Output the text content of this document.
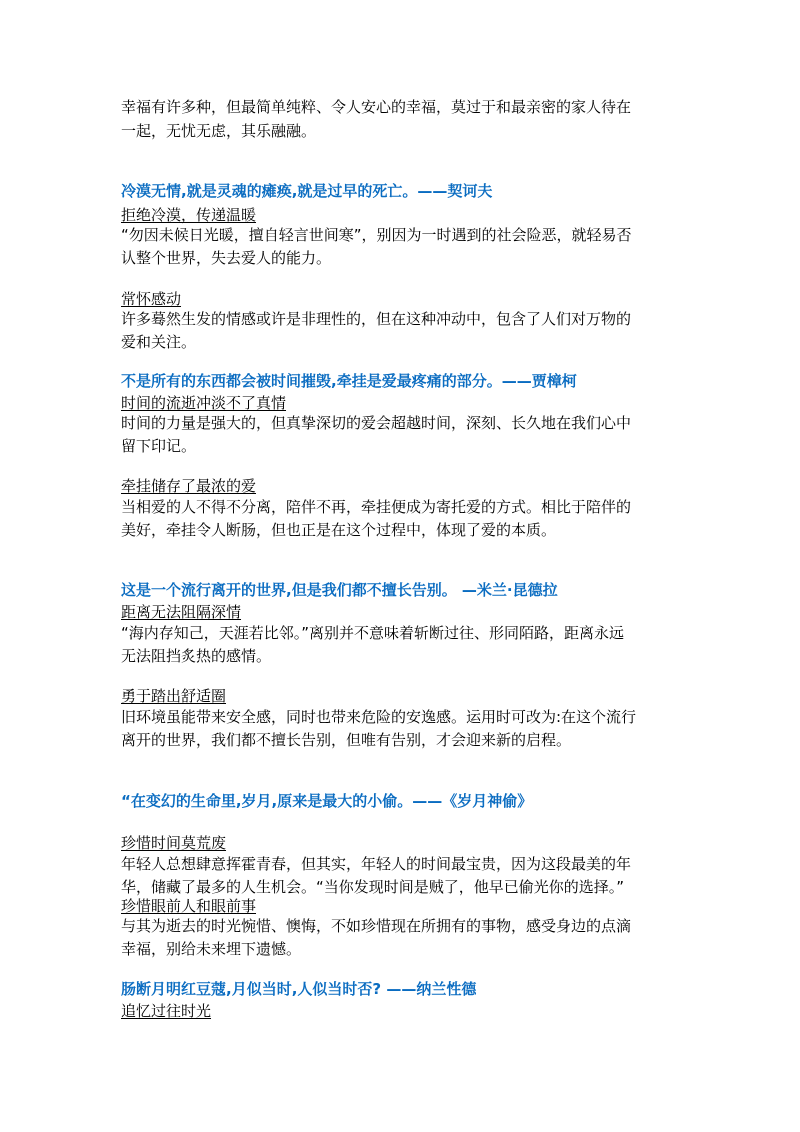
幸福有许多种，但最简单纯粹、令人安心的幸福，莫过于和最亲密的家人待在
一起，无忧无虑，其乐融融。
冷漠无情,就是灵魂的瘫痪,就是过早的死亡。——契诃夫
拒绝冷漠，传递温暖
“勿因未候日光暖，擅自轻言世间寒”，别因为一时遇到的社会险恶，就轻易否
认整个世界，失去爱人的能力。
常怀感动
许多蓦然生发的情感或许是非理性的，但在这种冲动中，包含了人们对万物的
爱和关注。
不是所有的东西都会被时间摧毁,牵挂是爱最疼痛的部分。——贾樟柯
时间的流逝冲淡不了真情
时间的力量是强大的，但真挚深切的爱会超越时间，深刻、长久地在我们心中
留下印记。
牵挂储存了最浓的爱
当相爱的人不得不分离，陪伴不再，牵挂便成为寄托爱的方式。相比于陪伴的
美好，牵挂令人断肠，但也正是在这个过程中，体现了爱的本质。
这是一个流行离开的世界,但是我们都不擅长告别。 —米兰·昆德拉
距离无法阻隔深情
“海内存知己，天涯若比邻。”离别并不意味着斩断过往、形同陌路，距离永远
无法阻挡炙热的感情。
勇于踏出舒适圈
旧环境虽能带来安全感，同时也带来危险的安逸感。运用时可改为:在这个流行
离开的世界，我们都不擅长告别，但唯有告别，才会迎来新的启程。
“在变幻的生命里,岁月,原来是最大的小偷。——《岁月神偷》
珍惜时间莫荒废
年轻人总想肆意挥霍青春，但其实，年轻人的时间最宝贵，因为这段最美的年
华，储藏了最多的人生机会。“当你发现时间是贼了，他早已偷光你的选择。”
珍惜眼前人和眼前事
与其为逝去的时光惋惜、懊悔，不如珍惜现在所拥有的事物，感受身边的点滴
幸福，别给未来埋下遗憾。
肠断月明红豆蔻,月似当时,人似当时否? ——纳兰性德
追忆过往时光
